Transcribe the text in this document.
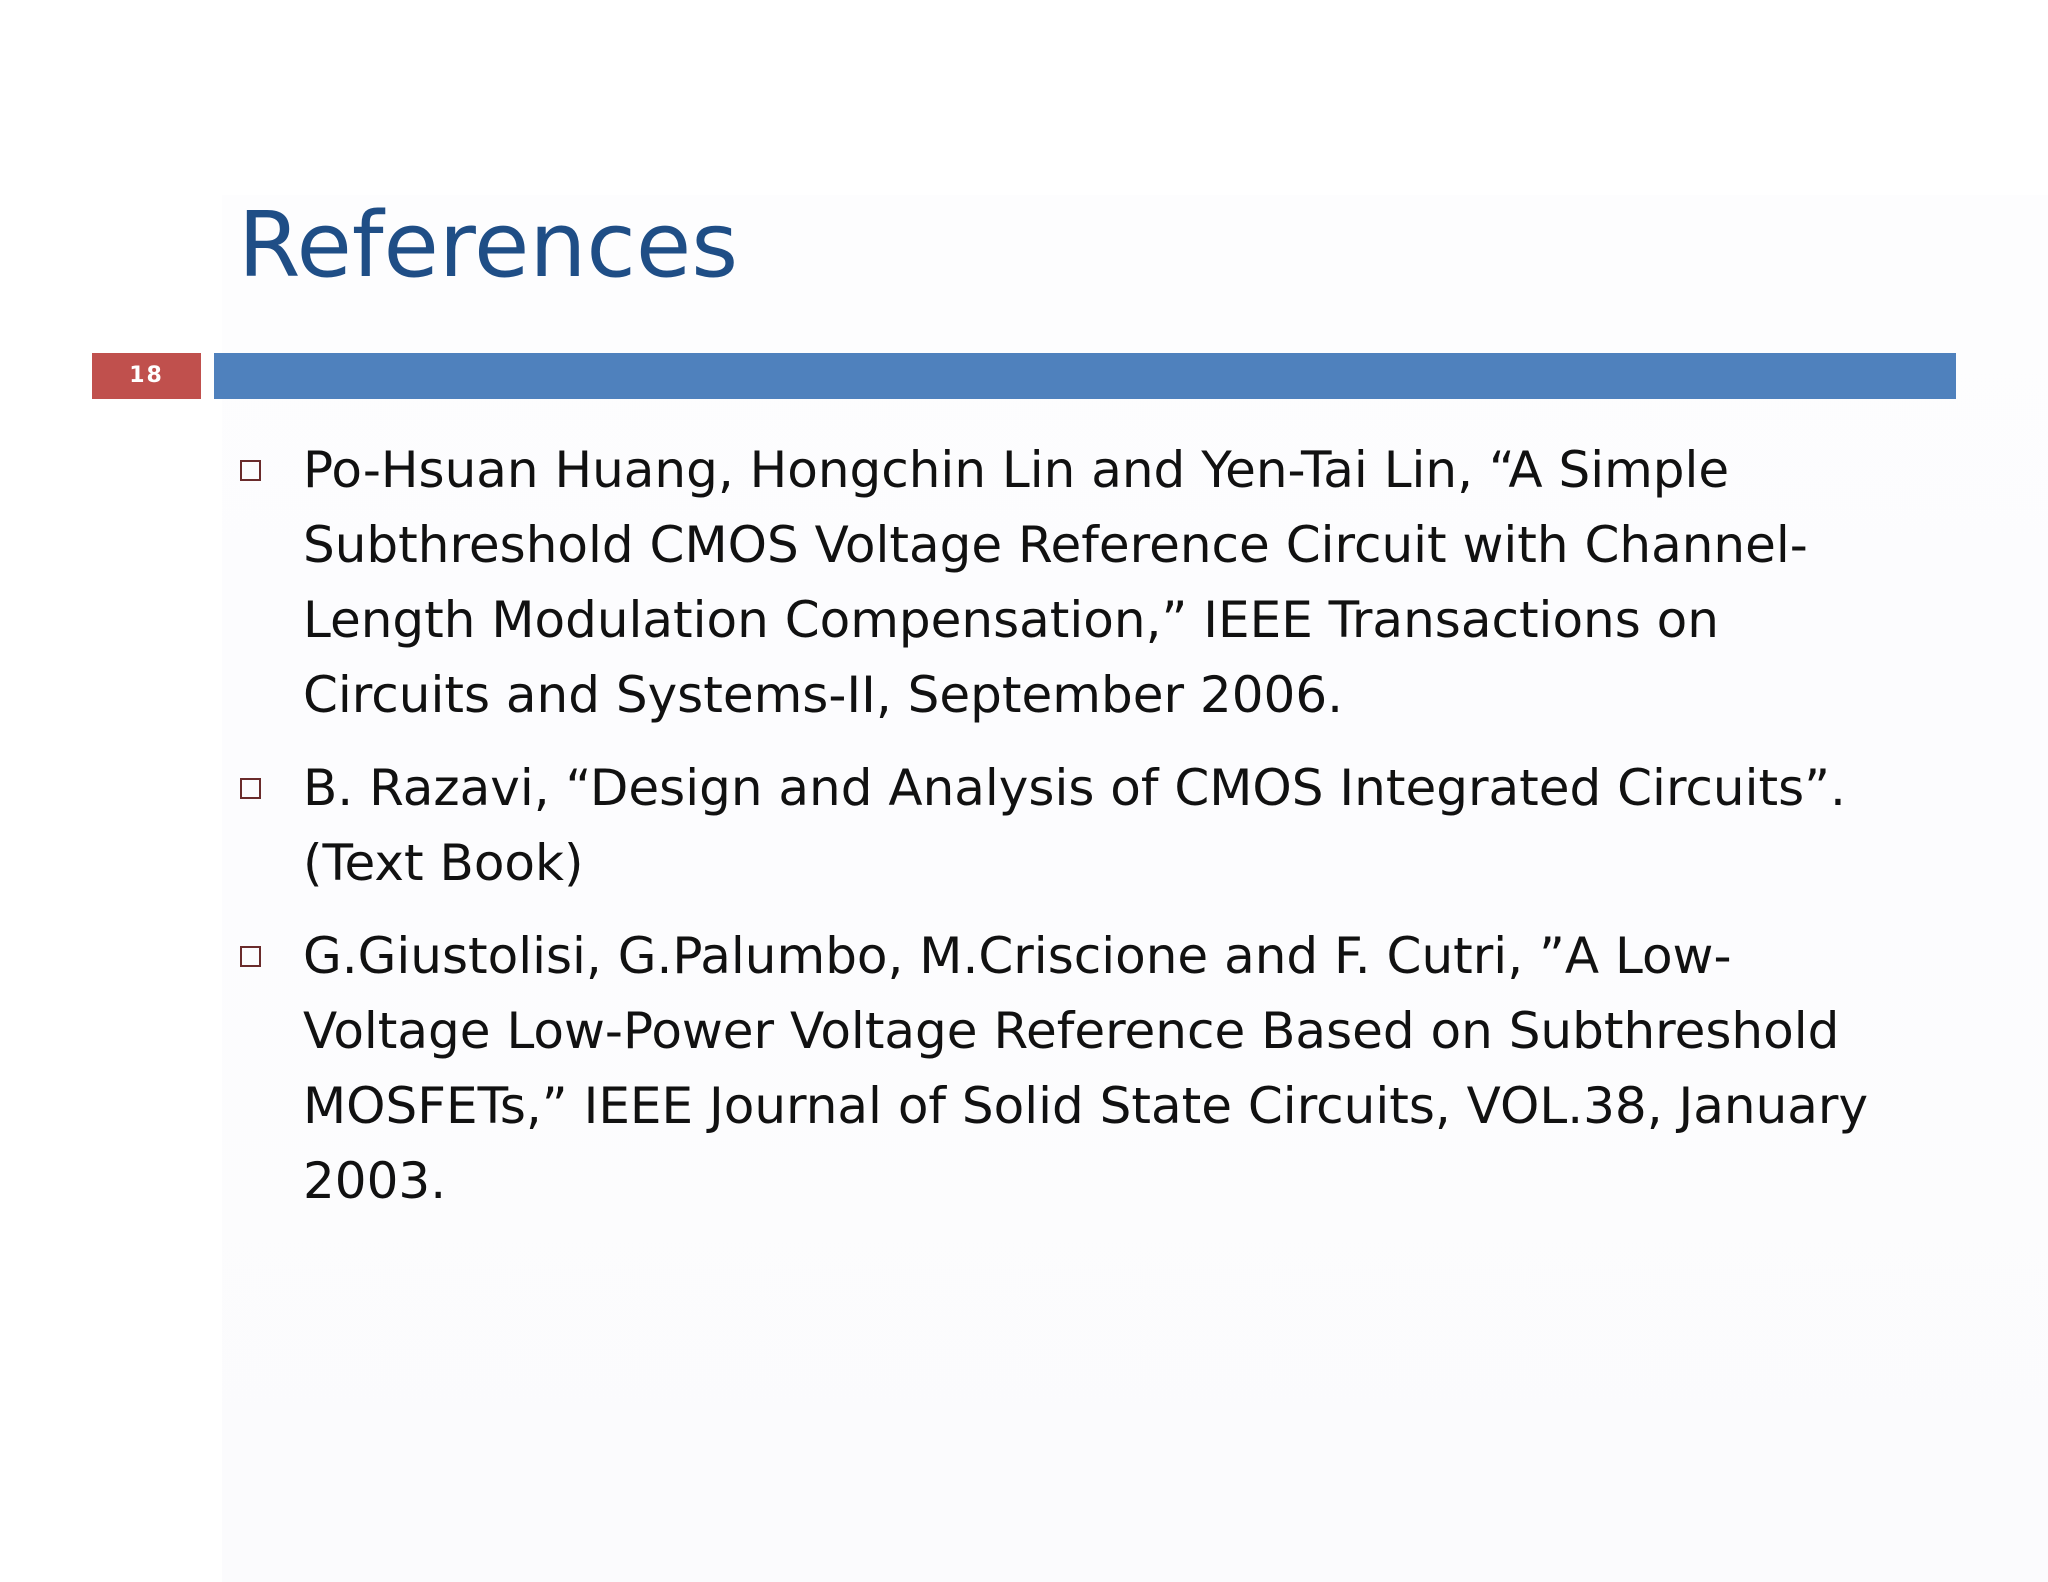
References
18
Po-Hsuan Huang, Hongchin Lin and Yen-Tai Lin, “A Simple Subthreshold CMOS Voltage Reference Circuit with Channel-Length Modulation Compensation,” IEEE Transactions on Circuits and Systems-II, September 2006.
B. Razavi, “Design and Analysis of CMOS Integrated Circuits”. (Text Book)
G.Giustolisi, G.Palumbo, M.Criscione and F. Cutri, ”A Low-Voltage Low-Power Voltage Reference Based on Subthreshold MOSFETs,” IEEE Journal of Solid State Circuits, VOL.38, January 2003.
